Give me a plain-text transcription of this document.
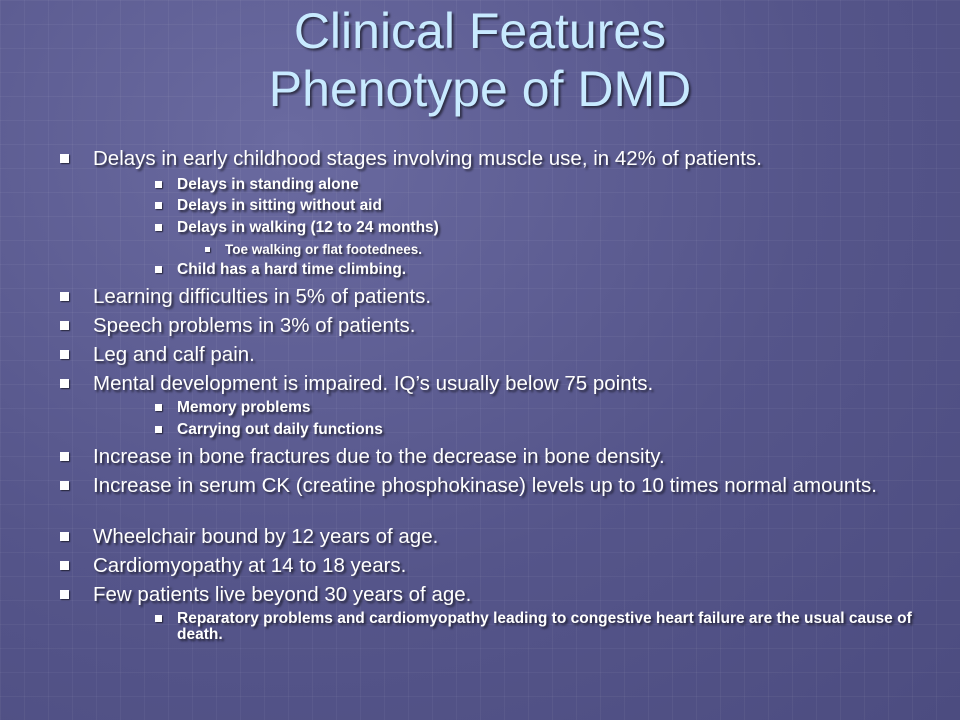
Clinical Features
Phenotype of DMD
Delays in early childhood stages involving muscle use, in 42% of patients.
Delays in standing alone
Delays in sitting without aid
Delays in walking (12 to 24 months)
Toe walking or flat footednees.
Child has a hard time climbing.
Learning difficulties in 5% of patients.
Speech problems in 3% of patients.
Leg and calf pain.
Mental development is impaired. IQ’s usually below 75 points.
Memory problems
Carrying out daily functions
Increase in bone fractures due to the decrease in bone density.
Increase in serum CK (creatine phosphokinase) levels up to 10 times normal amounts.
Wheelchair bound by 12 years of age.
Cardiomyopathy at 14 to 18 years.
Few patients live beyond 30 years of age.
Reparatory problems and cardiomyopathy leading to congestive heart failure are the usual cause of death.
